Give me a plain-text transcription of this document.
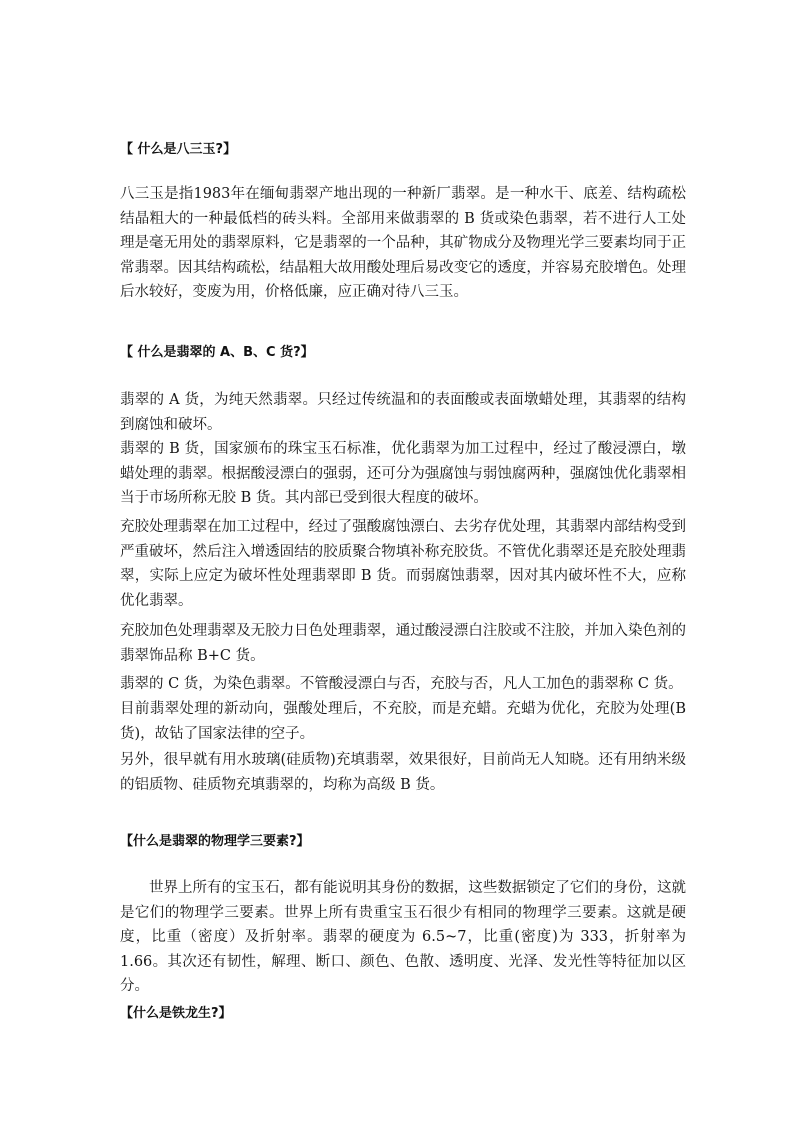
【 什么是八三玉?】

八三玉是指1983年在缅甸翡翠产地出现的一种新厂翡翠。是一种水干、底差、结构疏松结晶粗大的一种最低档的砖头料。全部用来做翡翠的 B 货或染色翡翠，若不进行人工处理是毫无用处的翡翠原料，它是翡翠的一个品种，其矿物成分及物理光学三要素均同于正常翡翠。因其结构疏松，结晶粗大故用酸处理后易改变它的透度，并容易充胶增色。处理后水较好，变废为用，价格低廉，应正确对待八三玉。

【 什么是翡翠的 A、B、C 货?】

翡翠的 A 货，为纯天然翡翠。只经过传统温和的表面酸或表面墩蜡处理，其翡翠的结构到腐蚀和破坏。

翡翠的 B 货，国家颁布的珠宝玉石标准，优化翡翠为加工过程中，经过了酸浸漂白，墩蜡处理的翡翠。根据酸浸漂白的强弱，还可分为强腐蚀与弱蚀腐两种，强腐蚀优化翡翠相当于市场所称无胶 B 货。其内部已受到很大程度的破坏。

充胶处理翡翠在加工过程中，经过了强酸腐蚀漂白、去劣存优处理，其翡翠内部结构受到严重破坏，然后注入增透固结的胶质聚合物填补称充胶货。不管优化翡翠还是充胶处理翡翠，实际上应定为破坏性处理翡翠即 B 货。而弱腐蚀翡翠，因对其内破坏性不大，应称优化翡翠。

充胶加色处理翡翠及无胶力日色处理翡翠，通过酸浸漂白注胶或不注胶，并加入染色剂的翡翠饰品称 B+C 货。

翡翠的 C 货，为染色翡翠。不管酸浸漂白与否，充胶与否，凡人工加色的翡翠称 C 货。

目前翡翠处理的新动向，强酸处理后，不充胶，而是充蜡。充蜡为优化，充胶为处理(B 货)，故钻了国家法律的空子。

另外，很早就有用水玻璃(硅质物)充填翡翠，效果很好，目前尚无人知晓。还有用纳米级的铝质物、硅质物充填翡翠的，均称为高级 B 货。

【什么是翡翠的物理学三要素?】

世界上所有的宝玉石，都有能说明其身份的数据，这些数据锁定了它们的身份，这就是它们的物理学三要素。世界上所有贵重宝玉石很少有相同的物理学三要素。这就是硬度，比重（密度）及折射率。翡翠的硬度为 6.5~7，比重(密度)为 333，折射率为 1.66。其次还有韧性，解理、断口、颜色、色散、透明度、光泽、发光性等特征加以区分。

【什么是铁龙生?】
